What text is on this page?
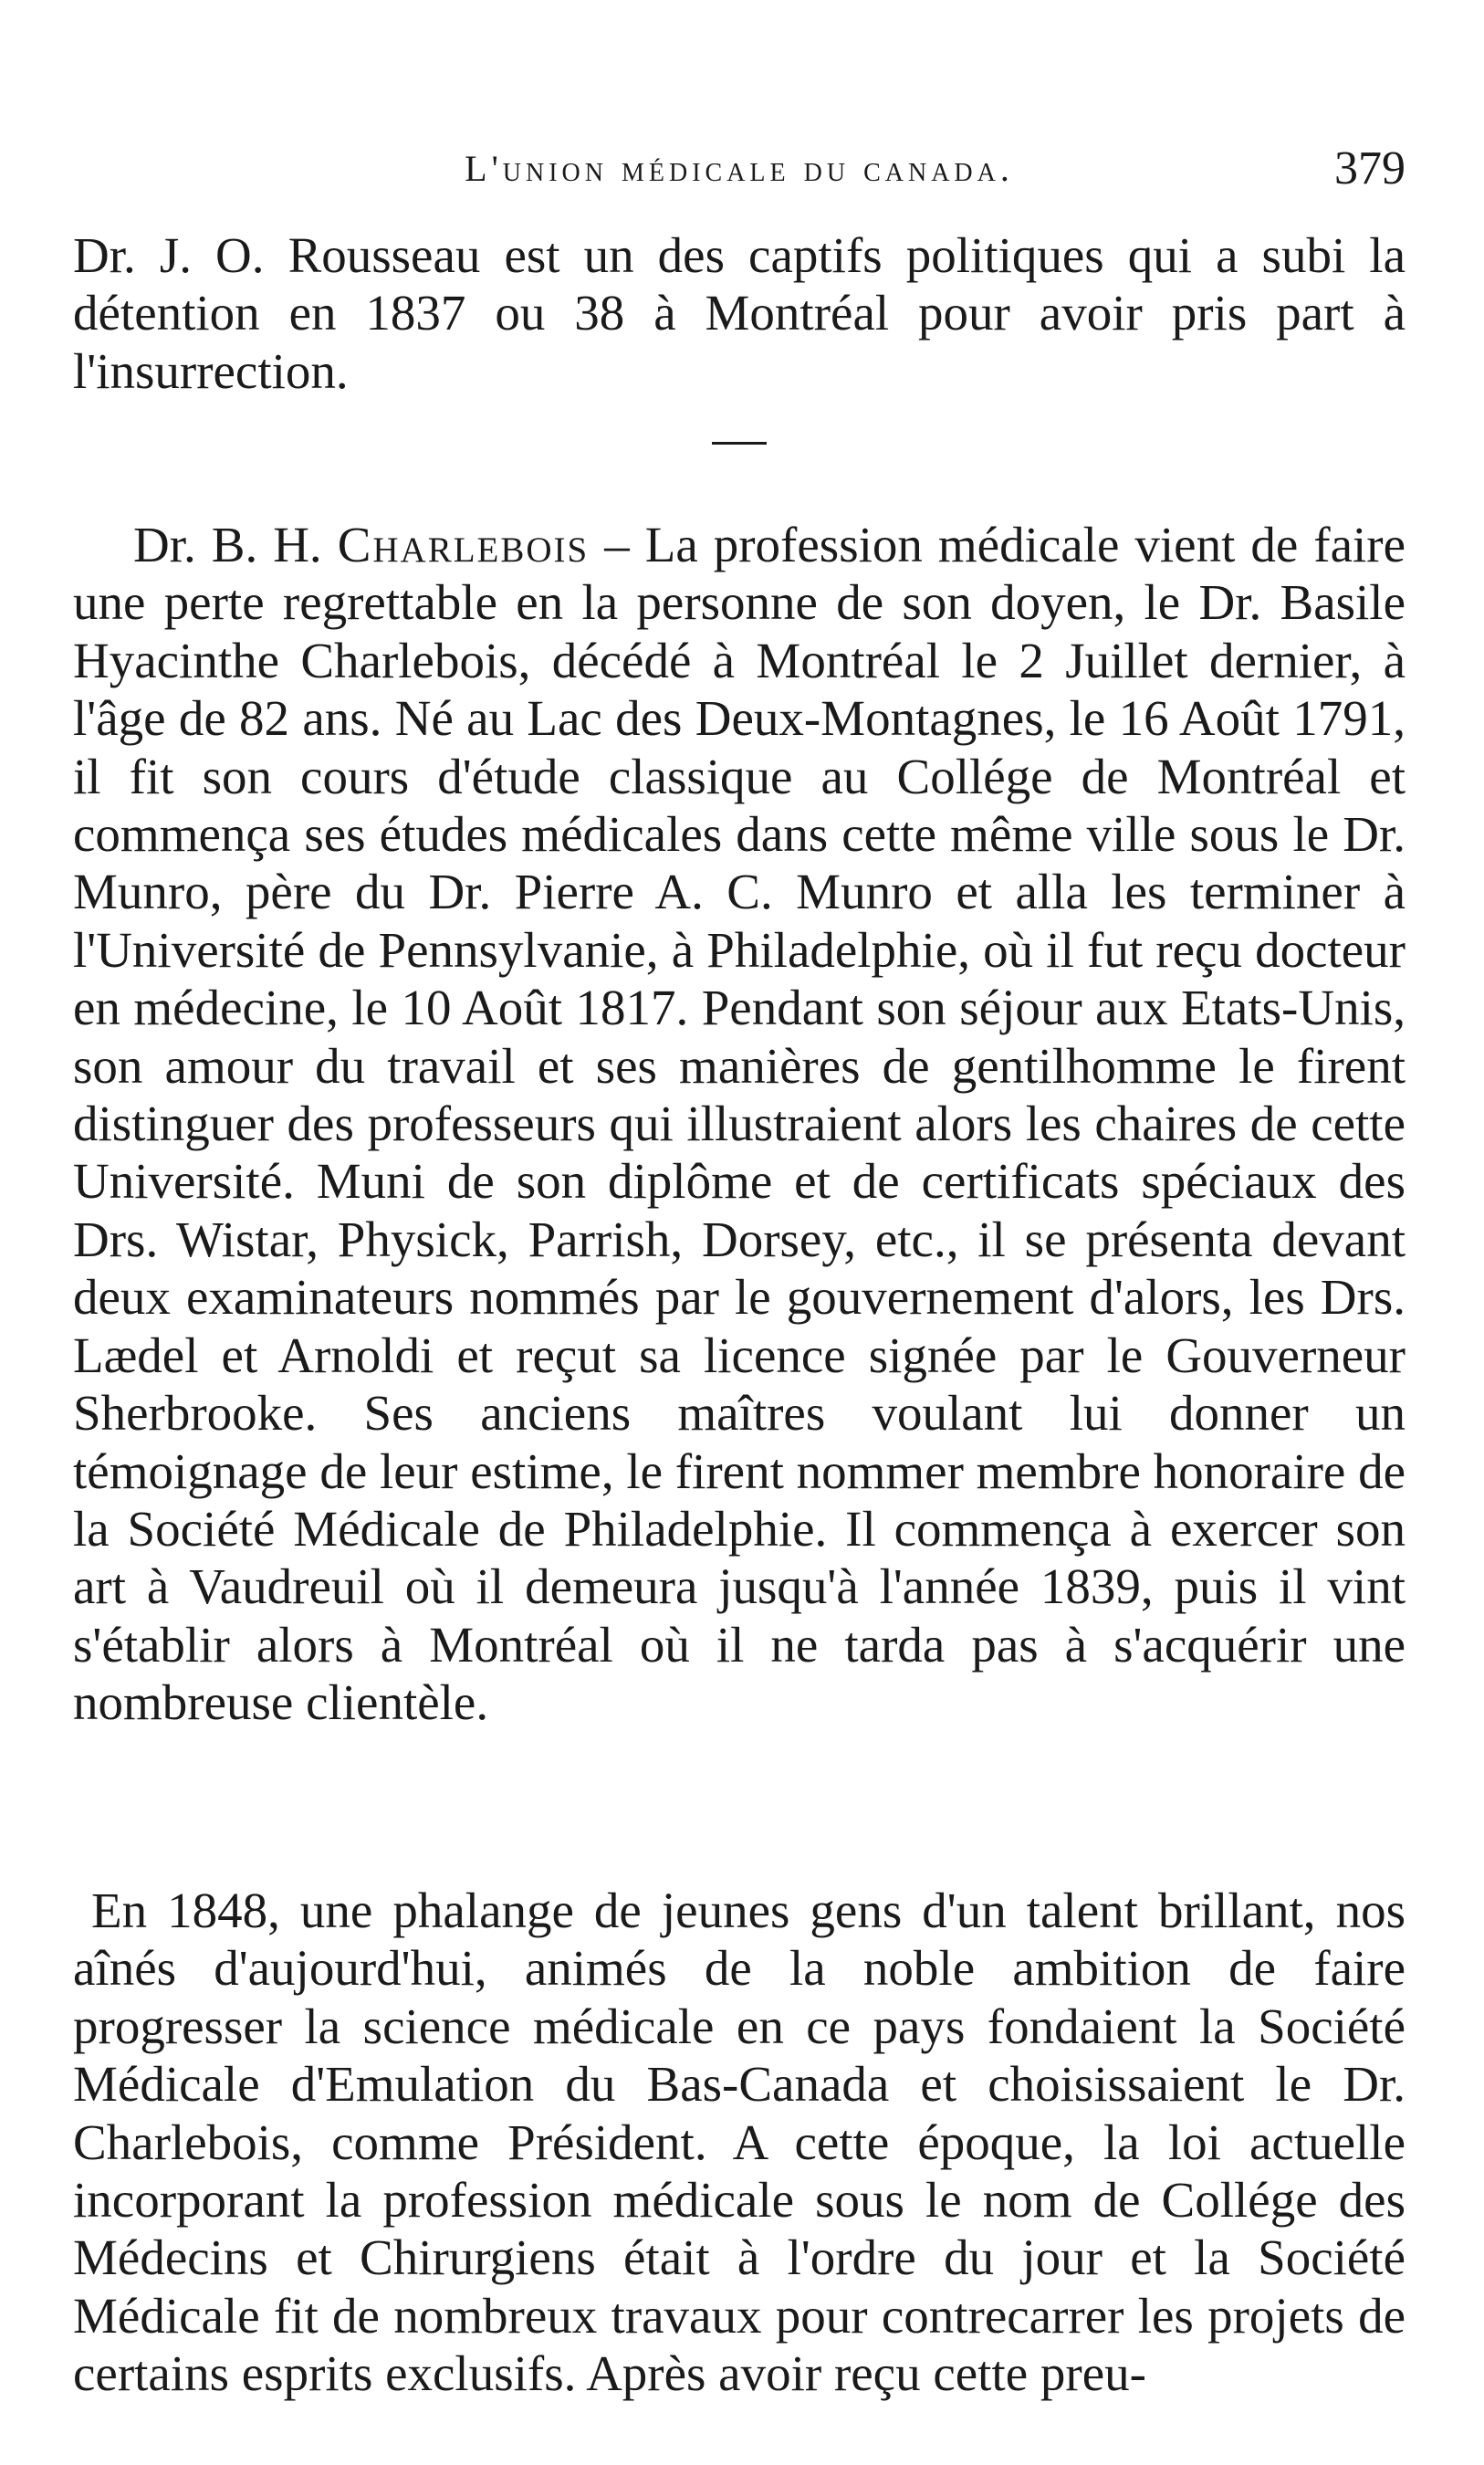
L'union médicale du canada.	379

Dr. J. O. Rousseau est un des captifs politiques qui a subi la détention en 1837 ou 38 à Montréal pour avoir pris part à l'insurrection.

Dr. B. H. Charlebois – La profession médicale vient de faire une perte regrettable en la personne de son doyen, le Dr. Basile Hyacinthe Charlebois, décédé à Montréal le 2 Juillet dernier, à l'âge de 82 ans. Né au Lac des Deux-Montagnes, le 16 Août 1791, il fit son cours d'étude classique au Collége de Montréal et commença ses études médicales dans cette même ville sous le Dr. Munro, père du Dr. Pierre A. C. Munro et alla les terminer à l'Université de Pennsylvanie, à Philadelphie, où il fut reçu docteur en médecine, le 10 Août 1817. Pendant son séjour aux Etats-Unis, son amour du travail et ses manières de gentilhomme le firent distinguer des professeurs qui illustraient alors les chaires de cette Université. Muni de son diplôme et de certificats spéciaux des Drs. Wistar, Physick, Parrish, Dorsey, etc., il se présenta devant deux examinateurs nommés par le gouvernement d'alors, les Drs. Lædel et Arnoldi et reçut sa licence signée par le Gouverneur Sherbrooke. Ses anciens maîtres voulant lui donner un témoignage de leur estime, le firent nommer membre honoraire de la Société Médicale de Philadelphie. Il commença à exercer son art à Vaudreuil où il demeura jusqu'à l'année 1839, puis il vint s'établir alors à Montréal où il ne tarda pas à s'acquérir une nombreuse clientèle.

En 1848, une phalange de jeunes gens d'un talent brillant, nos aînés d'aujourd'hui, animés de la noble ambition de faire progresser la science médicale en ce pays fondaient la Société Médicale d'Emulation du Bas-Canada et choisissaient le Dr. Charlebois, comme Président. A cette époque, la loi actuelle incorporant la profession médicale sous le nom de Collége des Médecins et Chirurgiens était à l'ordre du jour et la Société Médicale fit de nombreux travaux pour contrecarrer les projets de certains esprits exclusifs. Après avoir reçu cette preu-
